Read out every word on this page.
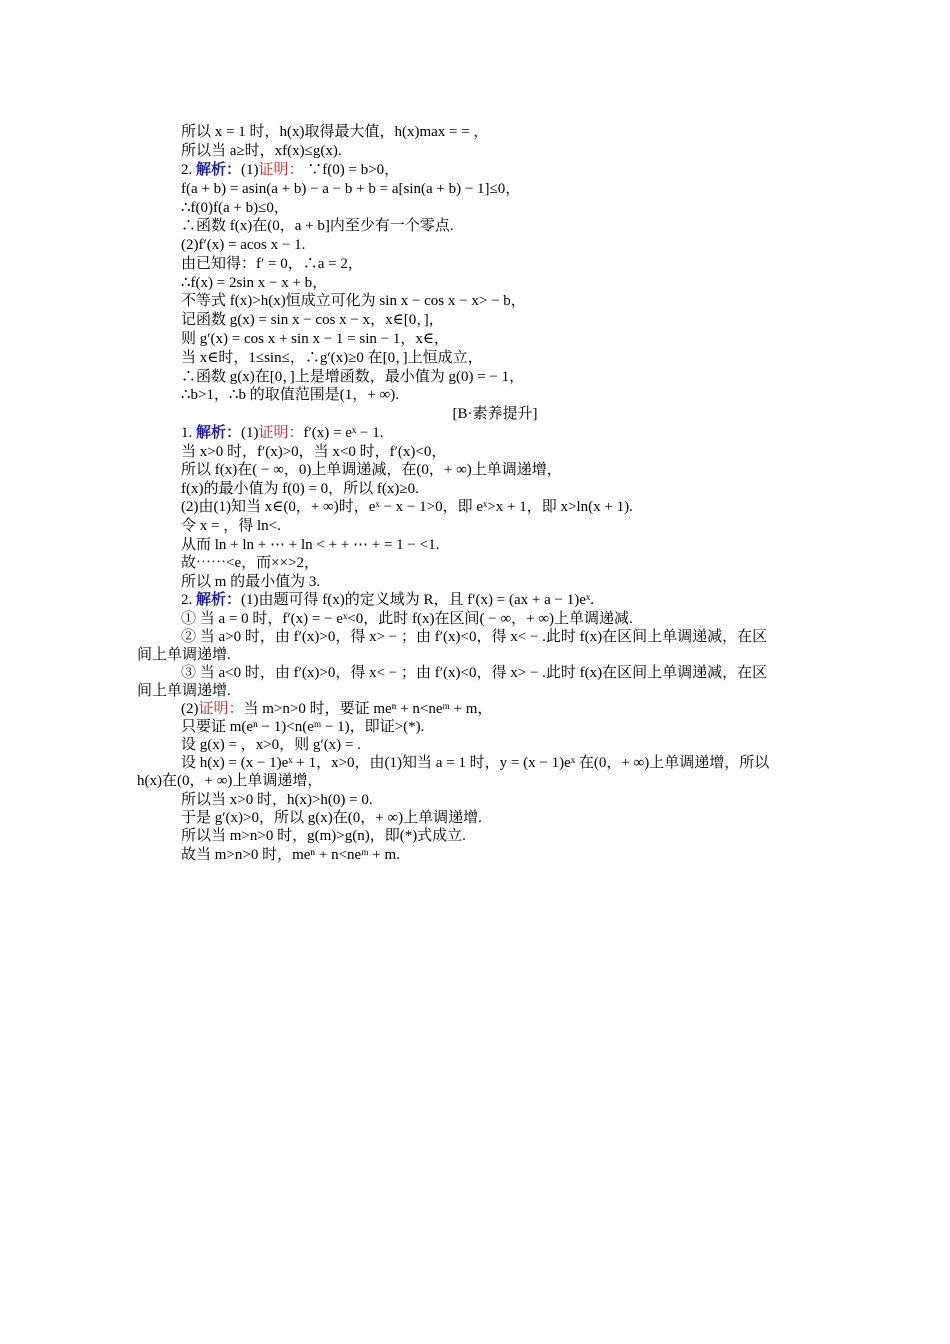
所以 x = 1 时，h(x)取得最大值，h(x)max = = ，
所以当 a≥时，xf(x)≤g(x).
2. 解析：(1)证明： ∵f(0) = b>0，
f(a + b) = asin(a + b) − a − b + b = a[sin(a + b) − 1]≤0，
∴f(0)f(a + b)≤0，
∴函数 f(x)在(0，a + b]内至少有一个零点.
(2)f′(x) = acos x − 1.
由已知得：f′ = 0，∴a = 2，
∴f(x) = 2sin x − x + b，
不等式 f(x)>h(x)恒成立可化为 sin x − cos x − x> − b，
记函数 g(x) = sin x − cos x − x，x∈[0，]，
则 g′(x) = cos x + sin x − 1 = sin − 1，x∈，
当 x∈时，1≤sin≤，∴g′(x)≥0 在[0，]上恒成立，
∴函数 g(x)在[0，]上是增函数，最小值为 g(0) = − 1，
∴b>1，∴b 的取值范围是(1，+ ∞).
[B·素养提升]
1. 解析：(1)证明：f′(x) = eˣ − 1.
当 x>0 时，f′(x)>0，当 x<0 时，f′(x)<0，
所以 f(x)在( − ∞，0)上单调递减，在(0，+ ∞)上单调递增，
f(x)的最小值为 f(0) = 0，所以 f(x)≥0.
(2)由(1)知当 x∈(0，+ ∞)时，eˣ − x − 1>0，即 eˣ>x + 1，即 x>ln(x + 1).
令 x = ，得 ln<.
从而 ln + ln + ⋯ + ln < + + ⋯ + = 1 − <1.
故⋯⋯<e，而××>2，
所以 m 的最小值为 3.
2. 解析：(1)由题可得 f(x)的定义域为 R，且 f′(x) = (ax + a − 1)eˣ.
① 当 a = 0 时，f′(x) = − eˣ<0，此时 f(x)在区间( − ∞，+ ∞)上单调递减.
② 当 a>0 时，由 f′(x)>0，得 x> − ；由 f′(x)<0，得 x< − .此时 f(x)在区间上单调递减，在区
间上单调递增.
③ 当 a<0 时，由 f′(x)>0，得 x< − ；由 f′(x)<0，得 x> − .此时 f(x)在区间上单调递减，在区
间上单调递增.
(2)证明：当 m>n>0 时，要证 meⁿ + n<neᵐ + m，
只要证 m(eⁿ − 1)<n(eᵐ − 1)，即证>(*).
设 g(x) = ，x>0，则 g′(x) = .
设 h(x) = (x − 1)eˣ + 1，x>0，由(1)知当 a = 1 时，y = (x − 1)eˣ 在(0，+ ∞)上单调递增，所以
h(x)在(0，+ ∞)上单调递增，
所以当 x>0 时，h(x)>h(0) = 0.
于是 g′(x)>0，所以 g(x)在(0，+ ∞)上单调递增.
所以当 m>n>0 时，g(m)>g(n)，即(*)式成立.
故当 m>n>0 时，meⁿ + n<neᵐ + m.
